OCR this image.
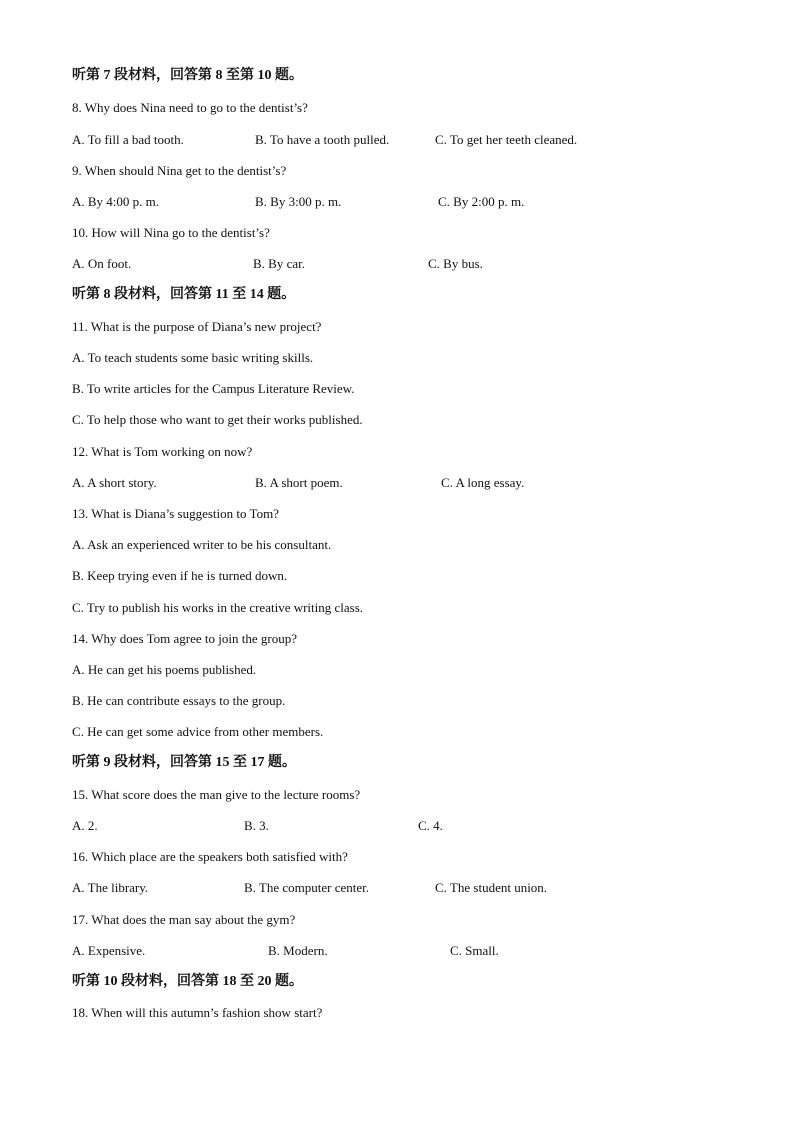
听第 7 段材料，回答第 8 至第 10 题。
8. Why does Nina need to go to the dentist’s?
A. To fill a bad tooth.	B. To have a tooth pulled.	C. To get her teeth cleaned.
9. When should Nina get to the dentist’s?
A. By 4:00 p. m.	B. By 3:00 p. m.	C. By 2:00 p. m.
10. How will Nina go to the dentist’s?
A. On foot.	B. By car.	C. By bus.
听第 8 段材料，回答第 11 至 14 题。
11. What is the purpose of Diana’s new project?
A. To teach students some basic writing skills.
B. To write articles for the Campus Literature Review.
C. To help those who want to get their works published.
12. What is Tom working on now?
A. A short story.	B. A short poem.	C. A long essay.
13. What is Diana’s suggestion to Tom?
A. Ask an experienced writer to be his consultant.
B. Keep trying even if he is turned down.
C. Try to publish his works in the creative writing class.
14. Why does Tom agree to join the group?
A. He can get his poems published.
B. He can contribute essays to the group.
C. He can get some advice from other members.
听第 9 段材料，回答第 15 至 17 题。
15. What score does the man give to the lecture rooms?
A. 2.	B. 3.	C. 4.
16. Which place are the speakers both satisfied with?
A. The library.	B. The computer center.	C. The student union.
17. What does the man say about the gym?
A. Expensive.	B. Modern.	C. Small.
听第 10 段材料，回答第 18 至 20 题。
18. When will this autumn’s fashion show start?
